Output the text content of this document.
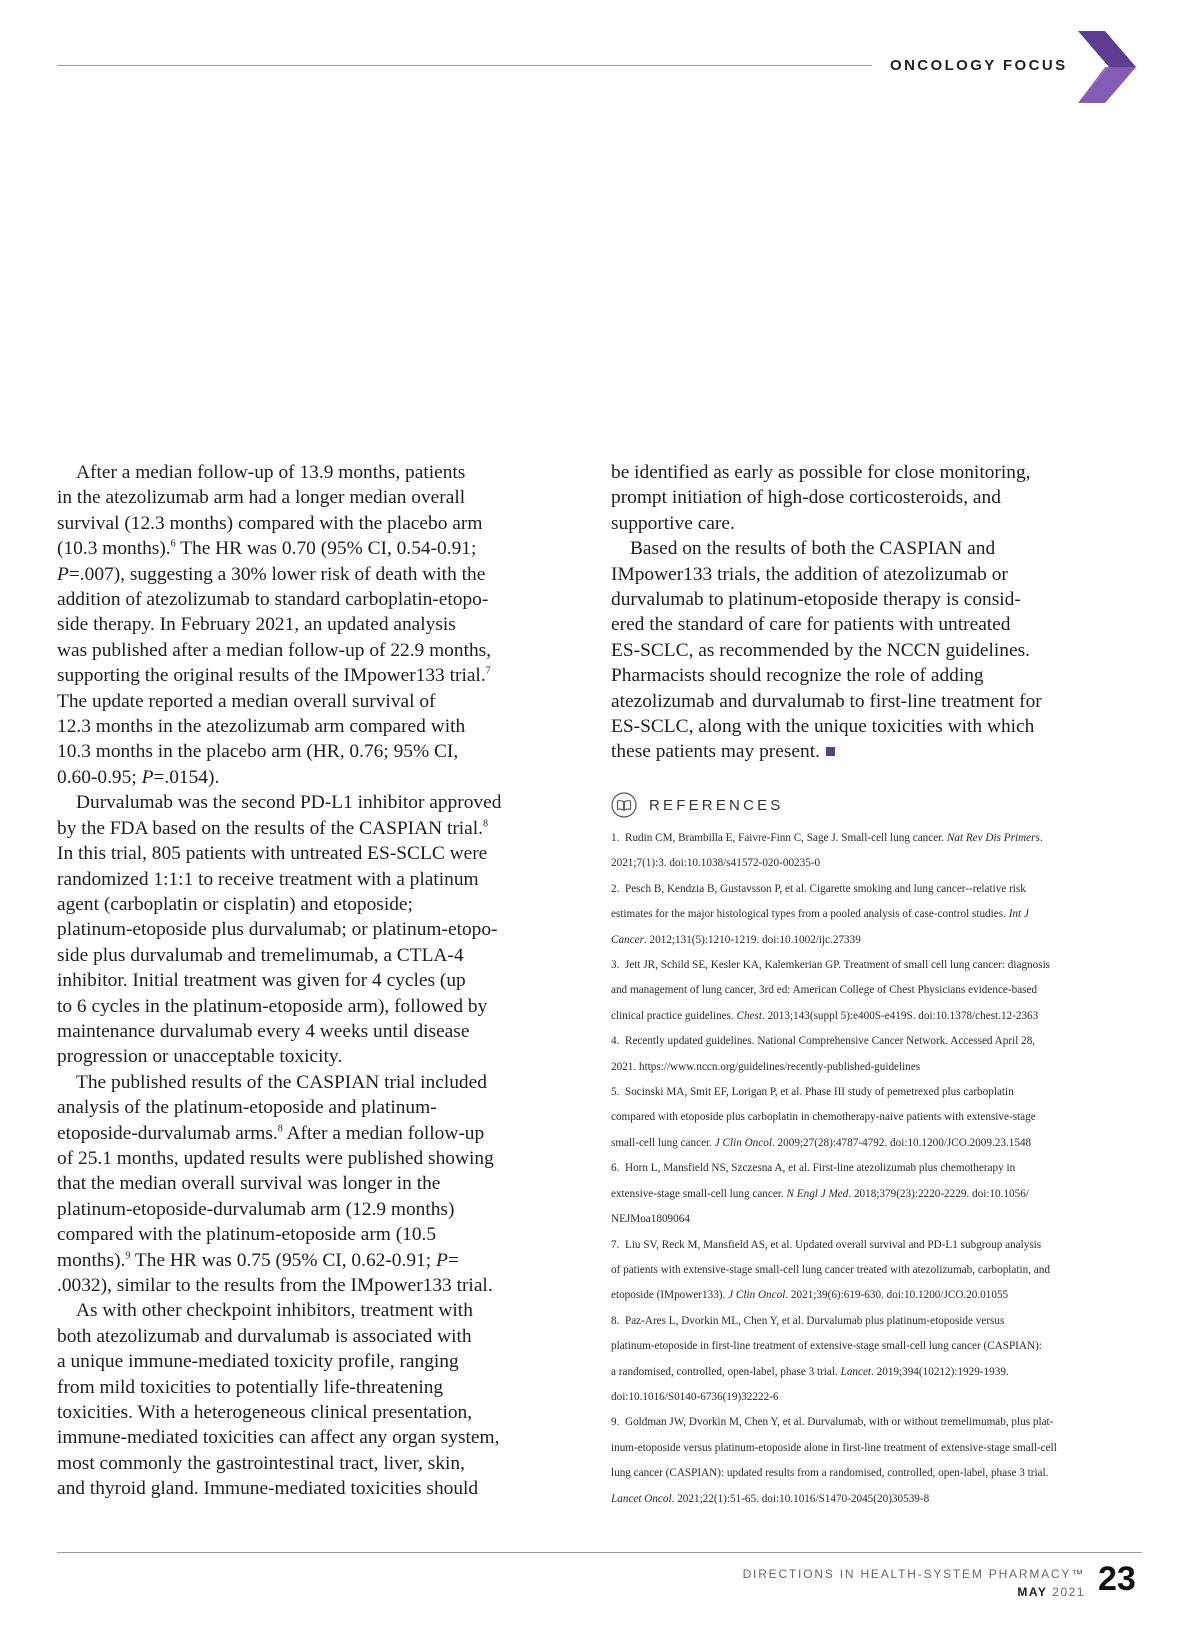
ONCOLOGY FOCUS
After a median follow-up of 13.9 months, patients
in the atezolizumab arm had a longer median overall
survival (12.3 months) compared with the placebo arm
(10.3 months).$^6$ The HR was 0.70 (95% CI, 0.54-0.91;
P=.007), suggesting a 30% lower risk of death with the
addition of atezolizumab to standard carboplatin-etopo-
side therapy. In February 2021, an updated analysis
was published after a median follow-up of 22.9 months,
supporting the original results of the IMpower133 trial.$^7$
The update reported a median overall survival of
12.3 months in the atezolizumab arm compared with
10.3 months in the placebo arm (HR, 0.76; 95% CI,
0.60-0.95; P=.0154).
Durvalumab was the second PD-L1 inhibitor approved
by the FDA based on the results of the CASPIAN trial.$^8$
In this trial, 805 patients with untreated ES-SCLC were
randomized 1:1:1 to receive treatment with a platinum
agent (carboplatin or cisplatin) and etoposide;
platinum-etoposide plus durvalumab; or platinum-etopo-
side plus durvalumab and tremelimumab, a CTLA-4
inhibitor. Initial treatment was given for 4 cycles (up
to 6 cycles in the platinum-etoposide arm), followed by
maintenance durvalumab every 4 weeks until disease
progression or unacceptable toxicity.
The published results of the CASPIAN trial included
analysis of the platinum-etoposide and platinum-
etoposide-durvalumab arms.$^8$ After a median follow-up
of 25.1 months, updated results were published showing
that the median overall survival was longer in the
platinum-etoposide-durvalumab arm (12.9 months)
compared with the platinum-etoposide arm (10.5
months).$^9$ The HR was 0.75 (95% CI, 0.62-0.91; P=
.0032), similar to the results from the IMpower133 trial.
As with other checkpoint inhibitors, treatment with
both atezolizumab and durvalumab is associated with
a unique immune-mediated toxicity profile, ranging
from mild toxicities to potentially life-threatening
toxicities. With a heterogeneous clinical presentation,
immune-mediated toxicities can affect any organ system,
most commonly the gastrointestinal tract, liver, skin,
and thyroid gland. Immune-mediated toxicities should
be identified as early as possible for close monitoring,
prompt initiation of high-dose corticosteroids, and
supportive care.
Based on the results of both the CASPIAN and
IMpower133 trials, the addition of atezolizumab or
durvalumab to platinum-etoposide therapy is consid-
ered the standard of care for patients with untreated
ES-SCLC, as recommended by the NCCN guidelines.
Pharmacists should recognize the role of adding
atezolizumab and durvalumab to first-line treatment for
ES-SCLC, along with the unique toxicities with which
these patients may present.
REFERENCES
1. Rudin CM, Brambilla E, Faivre-Finn C, Sage J. Small-cell lung cancer. Nat Rev Dis Primers.
2021;7(1):3. doi:10.1038/s41572-020-00235-0
2. Pesch B, Kendzia B, Gustavsson P, et al. Cigarette smoking and lung cancer--relative risk
estimates for the major histological types from a pooled analysis of case-control studies. Int J
Cancer. 2012;131(5):1210-1219. doi:10.1002/ijc.27339
3. Jett JR, Schild SE, Kesler KA, Kalemkerian GP. Treatment of small cell lung cancer: diagnosis
and management of lung cancer, 3rd ed: American College of Chest Physicians evidence-based
clinical practice guidelines. Chest. 2013;143(suppl 5):e400S-e419S. doi:10.1378/chest.12-2363
4. Recently updated guidelines. National Comprehensive Cancer Network. Accessed April 28,
2021. https://www.nccn.org/guidelines/recently-published-guidelines
5. Socinski MA, Smit EF, Lorigan P, et al. Phase III study of pemetrexed plus carboplatin
compared with etoposide plus carboplatin in chemotherapy-naive patients with extensive-stage
small-cell lung cancer. J Clin Oncol. 2009;27(28):4787-4792. doi:10.1200/JCO.2009.23.1548
6. Horn L, Mansfield NS, Szczesna A, et al. First-line atezolizumab plus chemotherapy in
extensive-stage small-cell lung cancer. N Engl J Med. 2018;379(23):2220-2229. doi:10.1056/
NEJMoa1809064
7. Liu SV, Reck M, Mansfield AS, et al. Updated overall survival and PD-L1 subgroup analysis
of patients with extensive-stage small-cell lung cancer treated with atezolizumab, carboplatin, and
etoposide (IMpower133). J Clin Oncol. 2021;39(6):619-630. doi:10.1200/JCO.20.01055
8. Paz-Ares L, Dvorkin ML, Chen Y, et al. Durvalumab plus platinum-etoposide versus
platinum-etoposide in first-line treatment of extensive-stage small-cell lung cancer (CASPIAN):
a randomised, controlled, open-label, phase 3 trial. Lancet. 2019;394(10212):1929-1939.
doi:10.1016/S0140-6736(19)32222-6
9. Goldman JW, Dvorkin M, Chen Y, et al. Durvalumab, with or without tremelimumab, plus plat-
inum-etoposide versus platinum-etoposide alone in first-line treatment of extensive-stage small-cell
lung cancer (CASPIAN): updated results from a randomised, controlled, open-label, phase 3 trial.
Lancet Oncol. 2021;22(1):51-65. doi:10.1016/S1470-2045(20)30539-8
DIRECTIONS IN HEALTH-SYSTEM PHARMACY™
MAY 2021 23
